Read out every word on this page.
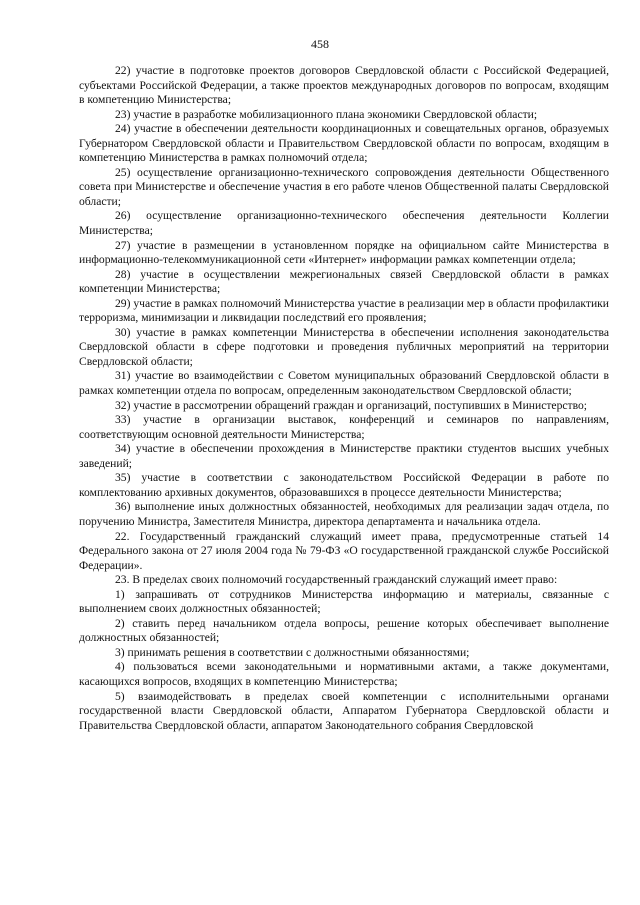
458

22) участие в подготовке проектов договоров Свердловской области с Российской Федерацией, субъектами Российской Федерации, а также проектов международных договоров по вопросам, входящим в компетенцию Министерства;

23) участие в разработке мобилизационного плана экономики Свердловской области;

24) участие в обеспечении деятельности координационных и совещательных органов, образуемых Губернатором Свердловской области и Правительством Свердловской области по вопросам, входящим в компетенцию Министерства в рамках полномочий отдела;

25) осуществление организационно-технического сопровождения деятельности Общественного совета при Министерстве и обеспечение участия в его работе членов Общественной палаты Свердловской области;

26) осуществление организационно-технического обеспечения деятельности Коллегии Министерства;

27) участие в размещении в установленном порядке на официальном сайте Министерства в информационно-телекоммуникационной сети «Интернет» информации рамках компетенции отдела;

28) участие в осуществлении межрегиональных связей Свердловской области в рамках компетенции Министерства;

29) участие в рамках полномочий Министерства участие в реализации мер в области профилактики терроризма, минимизации и ликвидации последствий его проявления;

30) участие в рамках компетенции Министерства в обеспечении исполнения законодательства Свердловской области в сфере подготовки и проведения публичных мероприятий на территории Свердловской области;

31) участие во взаимодействии с Советом муниципальных образований Свердловской области в рамках компетенции отдела по вопросам, определенным законодательством Свердловской области;

32) участие в рассмотрении обращений граждан и организаций, поступивших в Министерство;

33) участие в организации выставок, конференций и семинаров по направлениям, соответствующим основной деятельности Министерства;

34) участие в обеспечении прохождения в Министерстве практики студентов высших учебных заведений;

35) участие в соответствии с законодательством Российской Федерации в работе по комплектованию архивных документов, образовавшихся в процессе деятельности Министерства;

36) выполнение иных должностных обязанностей, необходимых для реализации задач отдела, по поручению Министра, Заместителя Министра, директора департамента и начальника отдела.

22. Государственный гражданский служащий имеет права, предусмотренные статьей 14 Федерального закона от 27 июля 2004 года № 79-ФЗ «О государственной гражданской службе Российской Федерации».

23. В пределах своих полномочий государственный гражданский служащий имеет право:

1) запрашивать от сотрудников Министерства информацию и материалы, связанные с выполнением своих должностных обязанностей;

2) ставить перед начальником отдела вопросы, решение которых обеспечивает выполнение должностных обязанностей;

3) принимать решения в соответствии с должностными обязанностями;

4) пользоваться всеми законодательными и нормативными актами, а также документами, касающихся вопросов, входящих в компетенцию Министерства;

5) взаимодействовать в пределах своей компетенции с исполнительными органами государственной власти Свердловской области, Аппаратом Губернатора Свердловской области и Правительства Свердловской области, аппаратом Законодательного собрания Свердловской
